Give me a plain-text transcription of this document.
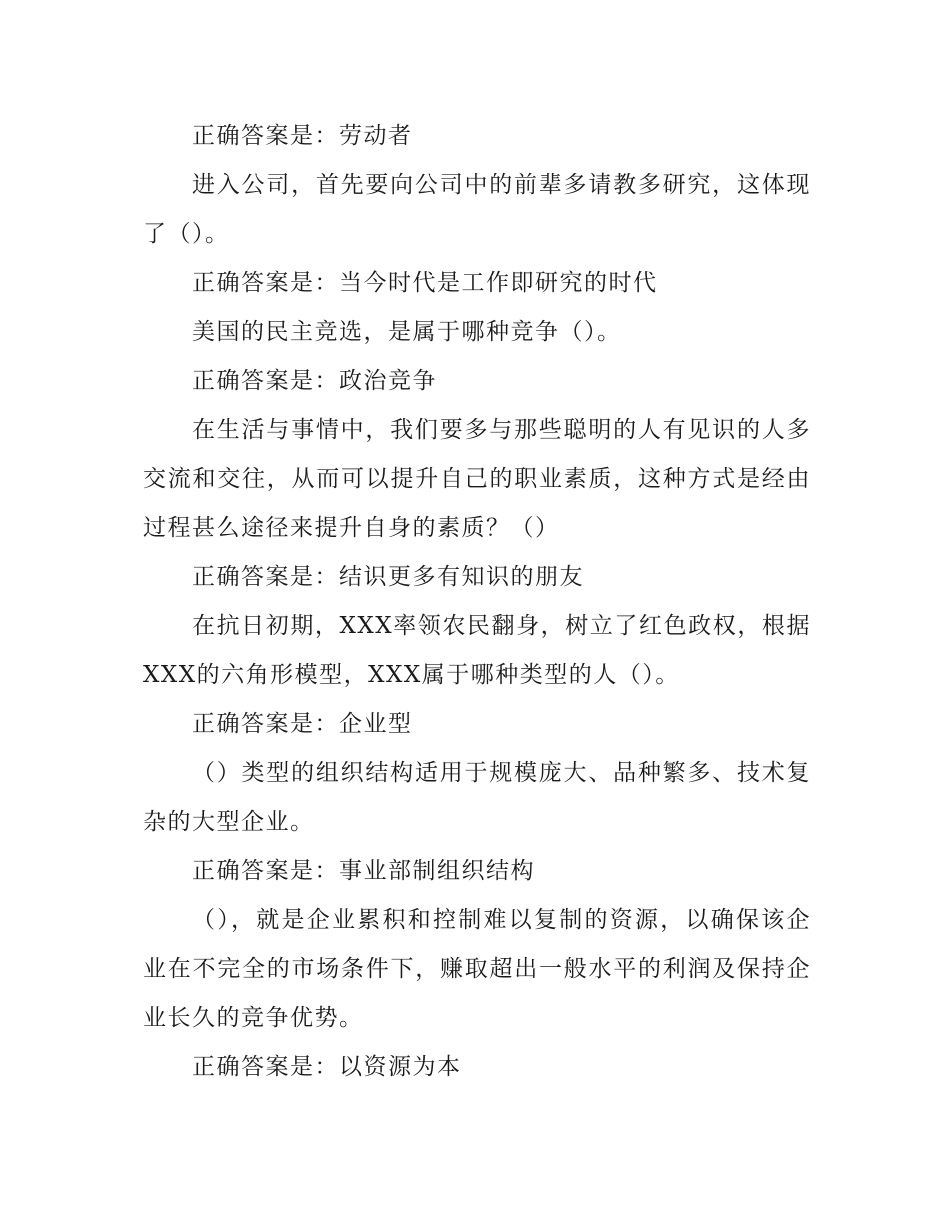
正确答案是：劳动者

进入公司，首先要向公司中的前辈多请教多研究，这体现了（）。

正确答案是：当今时代是工作即研究的时代

美国的民主竞选，是属于哪种竞争（）。

正确答案是：政治竞争

在生活与事情中，我们要多与那些聪明的人有见识的人多交流和交往，从而可以提升自己的职业素质，这种方式是经由过程甚么途径来提升自身的素质？（）

正确答案是：结识更多有知识的朋友

在抗日初期，XXX率领农民翻身，树立了红色政权，根据XXX的六角形模型，XXX属于哪种类型的人（）。

正确答案是：企业型

（）类型的组织结构适用于规模庞大、品种繁多、技术复杂的大型企业。

正确答案是：事业部制组织结构

（），就是企业累积和控制难以复制的资源，以确保该企业在不完全的市场条件下，赚取超出一般水平的利润及保持企业长久的竞争优势。

正确答案是：以资源为本
